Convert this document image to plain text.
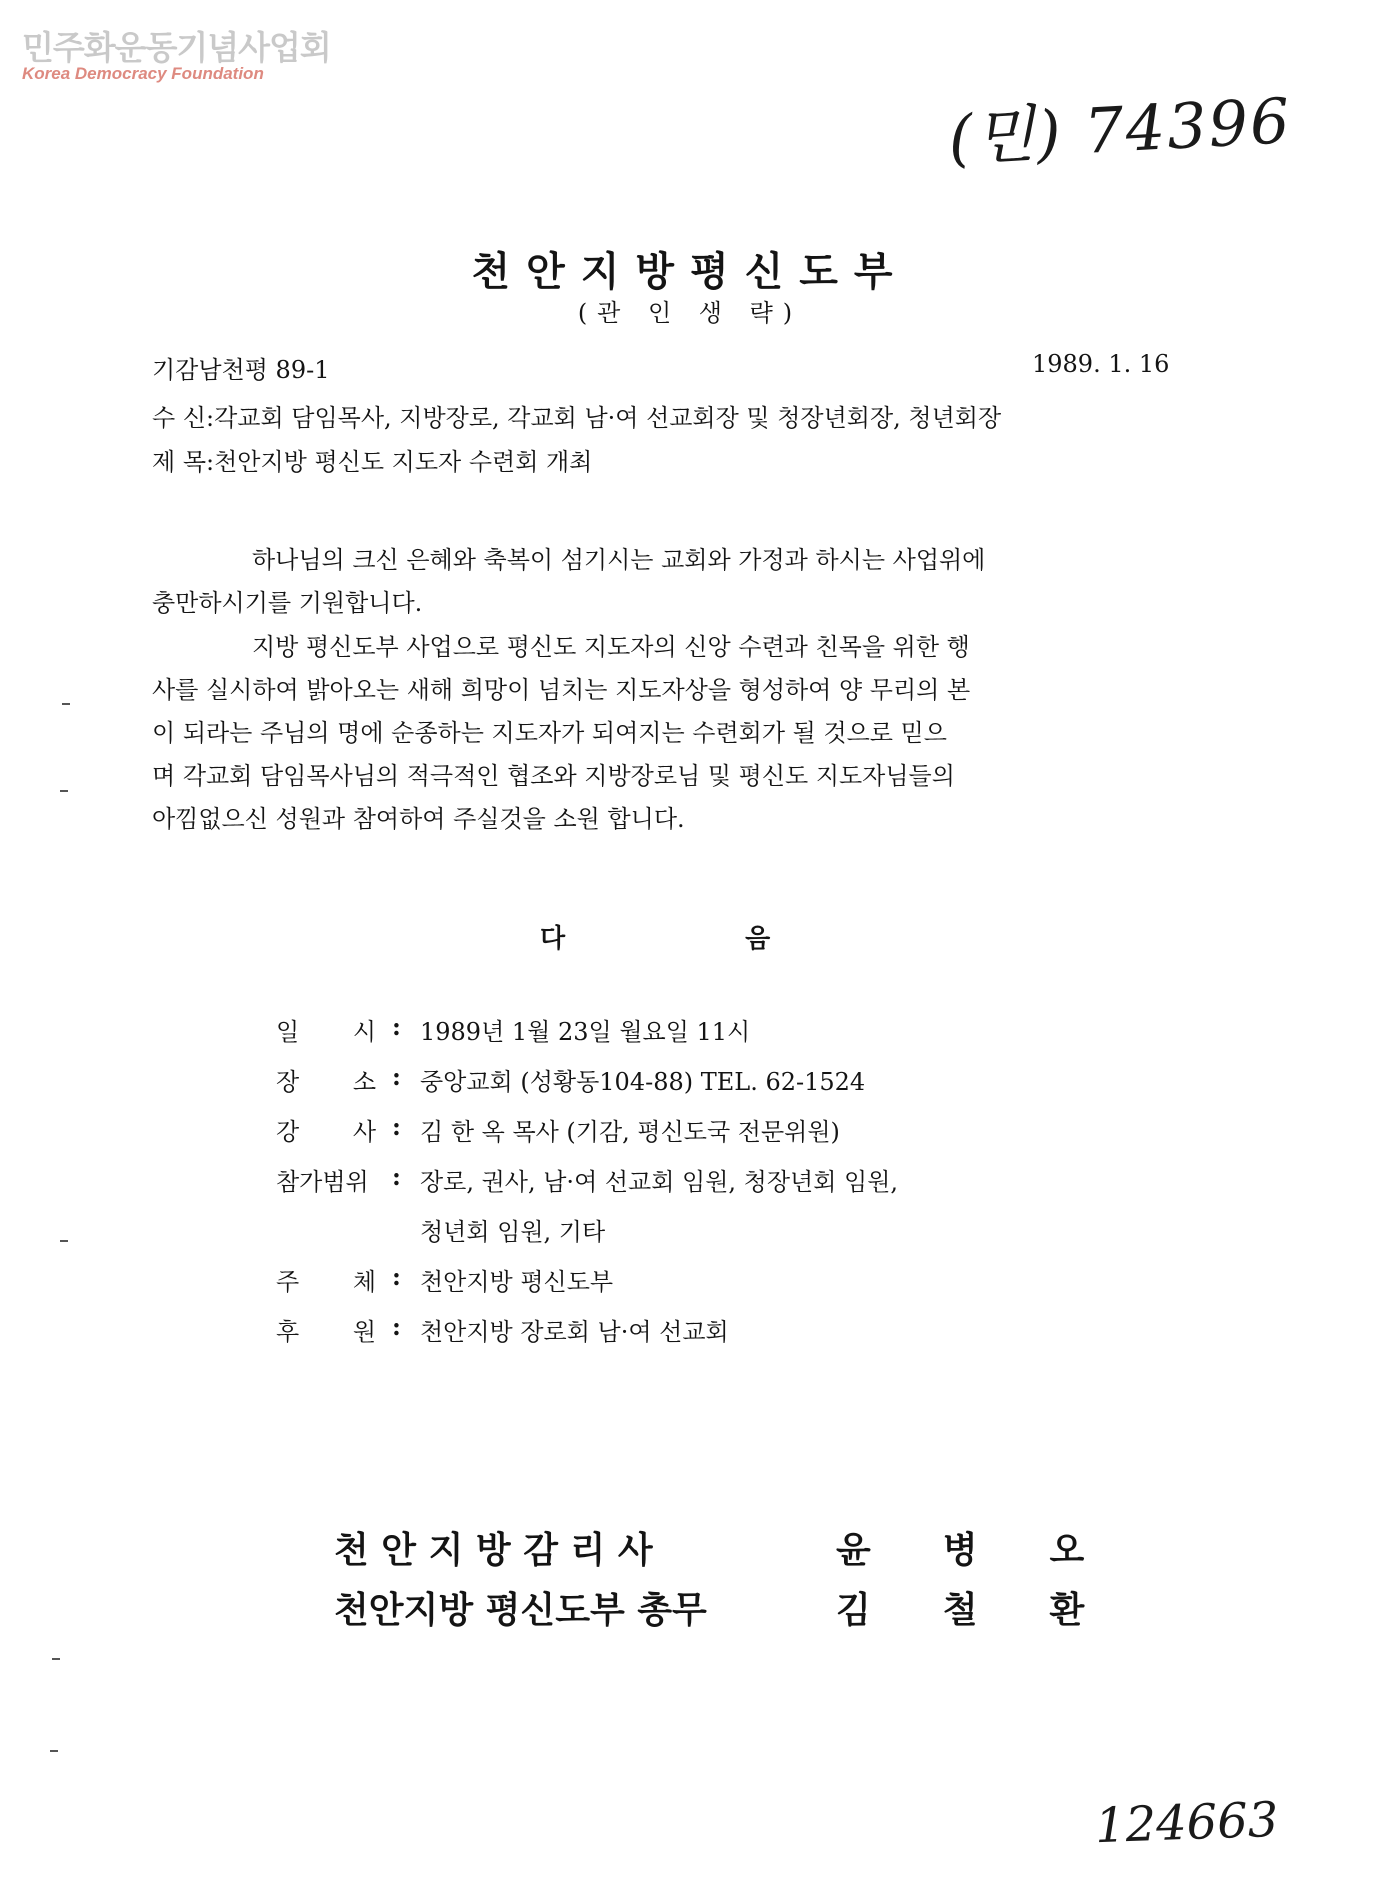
민주화운동기념사업회
Korea Democracy Foundation
(민) 74396
124663
천안지방평신도부
(관 인 생 략)
기감남천평 89-1	1989. 1. 16
수 신:각교회 담임목사, 지방장로, 각교회 남·여 선교회장 및 청장년회장, 청년회장
제 목:천안지방 평신도 지도자 수련회 개최
하나님의 크신 은혜와 축복이 섬기시는 교회와 가정과 하시는 사업위에
충만하시기를 기원합니다.
지방 평신도부 사업으로 평신도 지도자의 신앙 수련과 친목을 위한 행
사를 실시하여 밝아오는 새해 희망이 넘치는 지도자상을 형성하여 양 무리의 본
이 되라는 주님의 명에 순종하는 지도자가 되여지는 수련회가 될 것으로 믿으
며 각교회 담임목사님의 적극적인 협조와 지방장로님 및 평신도 지도자님들의
아낌없으신 성원과 참여하여 주실것을 소원 합니다.
다음
일 시 : 1989년 1월 23일 월요일 11시
장 소 : 중앙교회 (성황동104-88) TEL. 62-1524
강 사 : 김 한 옥 목사 (기감, 평신도국 전문위원)
참가범위 : 장로, 권사, 남·여 선교회 임원, 청장년회 임원,
청년회 임원, 기타
주 체 : 천안지방 평신도부
후 원 : 천안지방 장로회 남·여 선교회
천 안 지 방 감 리 사	윤병오
천안지방 평신도부 총무	김철환
